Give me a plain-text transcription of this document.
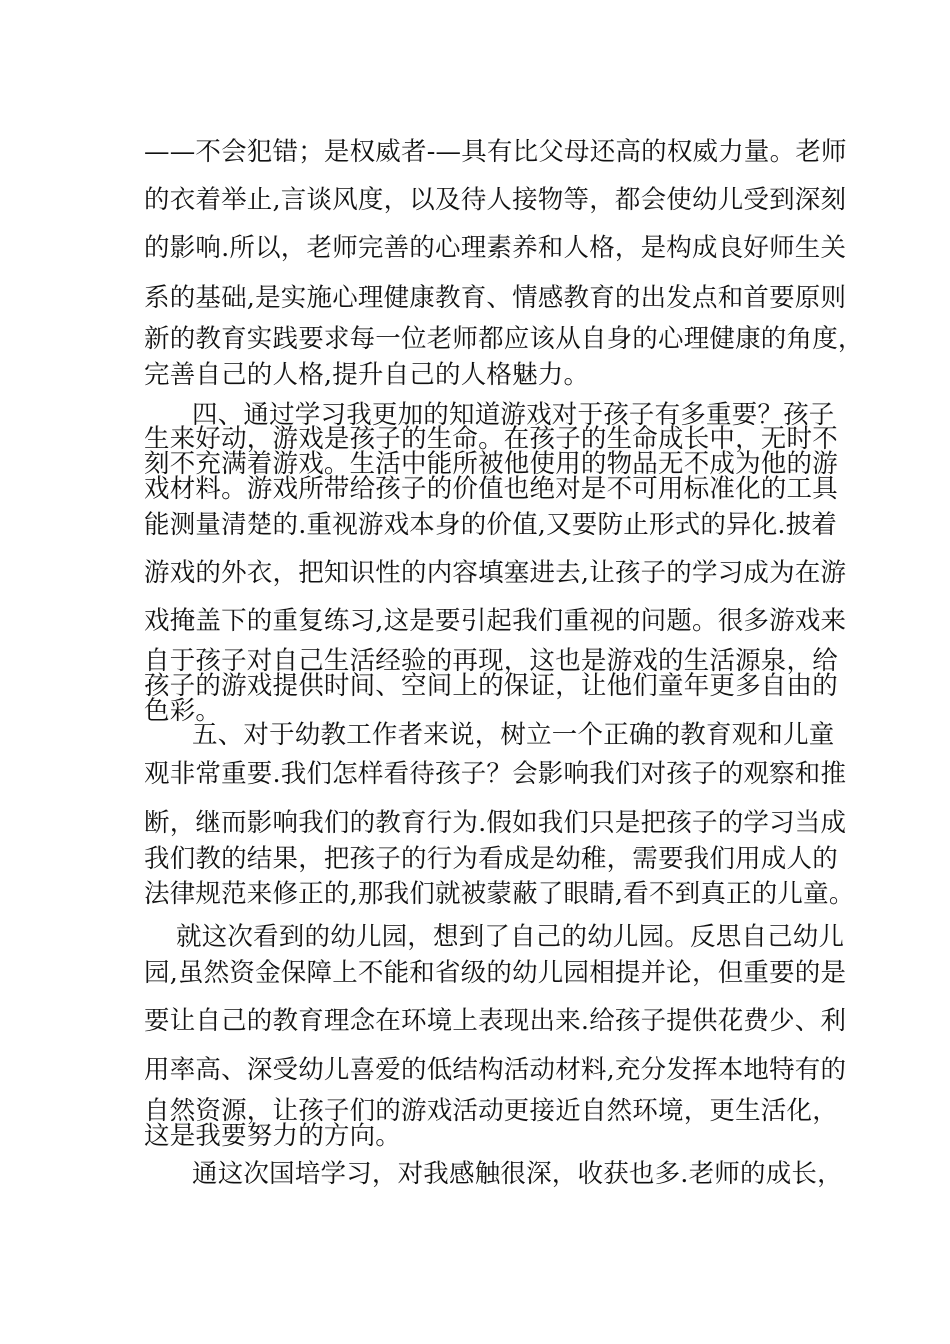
——不会犯错；是权威者-—具有比父母还高的权威力量。老师
的衣着举止,言谈风度，以及待人接物等，都会使幼儿受到深刻
的影响.所以，老师完善的心理素养和人格，是构成良好师生关
系的基础,是实施心理健康教育、情感教育的出发点和首要原则
新的教育实践要求每一位老师都应该从自身的心理健康的角度，
完善自己的人格,提升自己的人格魅力。
四、通过学习我更加的知道游戏对于孩子有多重要？孩子
生来好动，游戏是孩子的生命。在孩子的生命成长中，无时不
刻不充满着游戏。生活中能所被他使用的物品无不成为他的游
戏材料。游戏所带给孩子的价值也绝对是不可用标准化的工具
能测量清楚的.重视游戏本身的价值,又要防止形式的异化.披着
游戏的外衣，把知识性的内容填塞进去,让孩子的学习成为在游
戏掩盖下的重复练习,这是要引起我们重视的问题。很多游戏来
自于孩子对自己生活经验的再现，这也是游戏的生活源泉，给
孩子的游戏提供时间、空间上的保证，让他们童年更多自由的
色彩。
五、对于幼教工作者来说，树立一个正确的教育观和儿童
观非常重要.我们怎样看待孩子？会影响我们对孩子的观察和推
断，继而影响我们的教育行为.假如我们只是把孩子的学习当成
我们教的结果，把孩子的行为看成是幼稚，需要我们用成人的
法律规范来修正的,那我们就被蒙蔽了眼睛,看不到真正的儿童。
就这次看到的幼儿园，想到了自己的幼儿园。反思自己幼儿
园,虽然资金保障上不能和省级的幼儿园相提并论，但重要的是
要让自己的教育理念在环境上表现出来.给孩子提供花费少、利
用率高、深受幼儿喜爱的低结构活动材料,充分发挥本地特有的
自然资源，让孩子们的游戏活动更接近自然环境，更生活化，
这是我要努力的方向。
通这次国培学习，对我感触很深，收获也多.老师的成长，
